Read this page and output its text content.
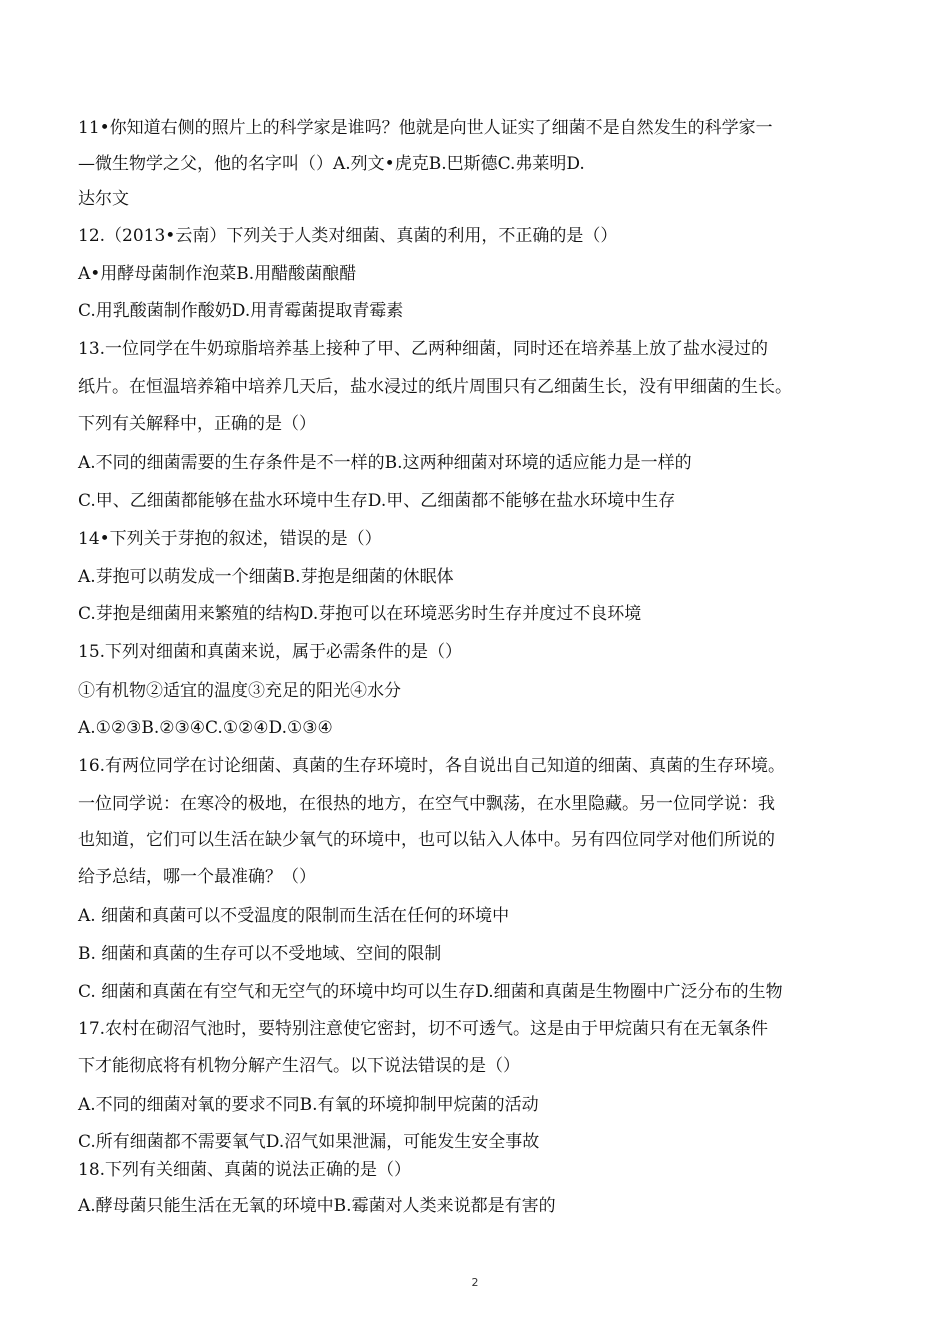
11•你知道右侧的照片上的科学家是谁吗？他就是向世人证实了细菌不是自然发生的科学家一
—微生物学之父，他的名字叫（）A.列文•虎克B.巴斯德C.弗莱明D.
达尔文
12.（2013•云南）下列关于人类对细菌、真菌的利用，不正确的是（）
A•用酵母菌制作泡菜B.用醋酸菌酿醋
C.用乳酸菌制作酸奶D.用青霉菌提取青霉素
13.一位同学在牛奶琼脂培养基上接种了甲、乙两种细菌，同时还在培养基上放了盐水浸过的
纸片。在恒温培养箱中培养几天后，盐水浸过的纸片周围只有乙细菌生长，没有甲细菌的生长。
下列有关解释中，正确的是（）
A.不同的细菌需要的生存条件是不一样的B.这两种细菌对环境的适应能力是一样的
C.甲、乙细菌都能够在盐水环境中生存D.甲、乙细菌都不能够在盐水环境中生存
14•下列关于芽抱的叙述，错误的是（）
A.芽抱可以萌发成一个细菌B.芽抱是细菌的休眠体
C.芽抱是细菌用来繁殖的结构D.芽抱可以在环境恶劣时生存并度过不良环境
15.下列对细菌和真菌来说，属于必需条件的是（）
①有机物②适宜的温度③充足的阳光④水分
A.①②③B.②③④C.①②④D.①③④
16.有两位同学在讨论细菌、真菌的生存环境时，各自说出自己知道的细菌、真菌的生存环境。
一位同学说：在寒冷的极地，在很热的地方，在空气中飘荡，在水里隐藏。另一位同学说：我
也知道，它们可以生活在缺少氧气的环境中，也可以钻入人体中。另有四位同学对他们所说的
给予总结，哪一个最准确？（）
A. 细菌和真菌可以不受温度的限制而生活在任何的环境中
B. 细菌和真菌的生存可以不受地域、空间的限制
C. 细菌和真菌在有空气和无空气的环境中均可以生存D.细菌和真菌是生物圈中广泛分布的生物
17.农村在砌沼气池时，要特别注意使它密封，切不可透气。这是由于甲烷菌只有在无氧条件
下才能彻底将有机物分解产生沼气。以下说法错误的是（）
A.不同的细菌对氧的要求不同B.有氧的环境抑制甲烷菌的活动
C.所有细菌都不需要氧气D.沼气如果泄漏，可能发生安全事故
18.下列有关细菌、真菌的说法正确的是（）
A.酵母菌只能生活在无氧的环境中B.霉菌对人类来说都是有害的
2
